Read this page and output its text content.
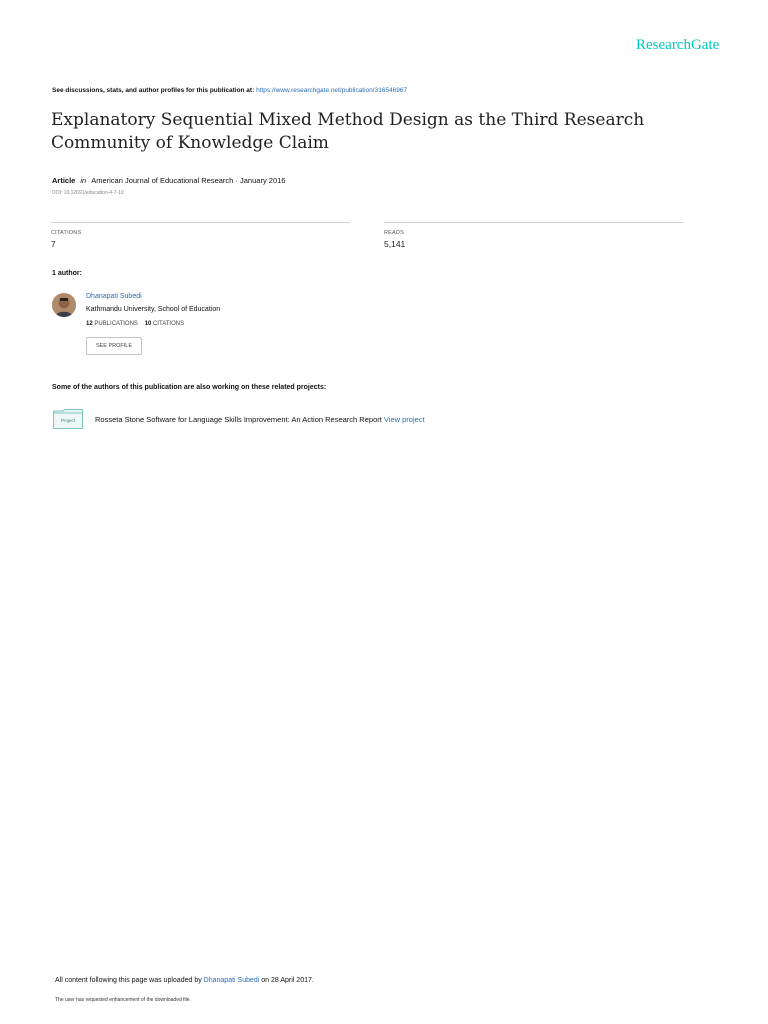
ResearchGate
See discussions, stats, and author profiles for this publication at: https://www.researchgate.net/publication/316546967
Explanatory Sequential Mixed Method Design as the Third Research Community of Knowledge Claim
Article in American Journal of Educational Research · January 2016
DOI: 10.12691/education-4-7-10
CITATIONS
7
READS
5,141
1 author:
Dhanapati Subedi
Kathmandu University, School of Education
12 PUBLICATIONS 10 CITATIONS
SEE PROFILE
Some of the authors of this publication are also working on these related projects:
Project	Rosseta Stone Software for Language Skills Improvement: An Action Research Report View project
All content following this page was uploaded by Dhanapati Subedi on 28 April 2017.
The user has requested enhancement of the downloaded file.
